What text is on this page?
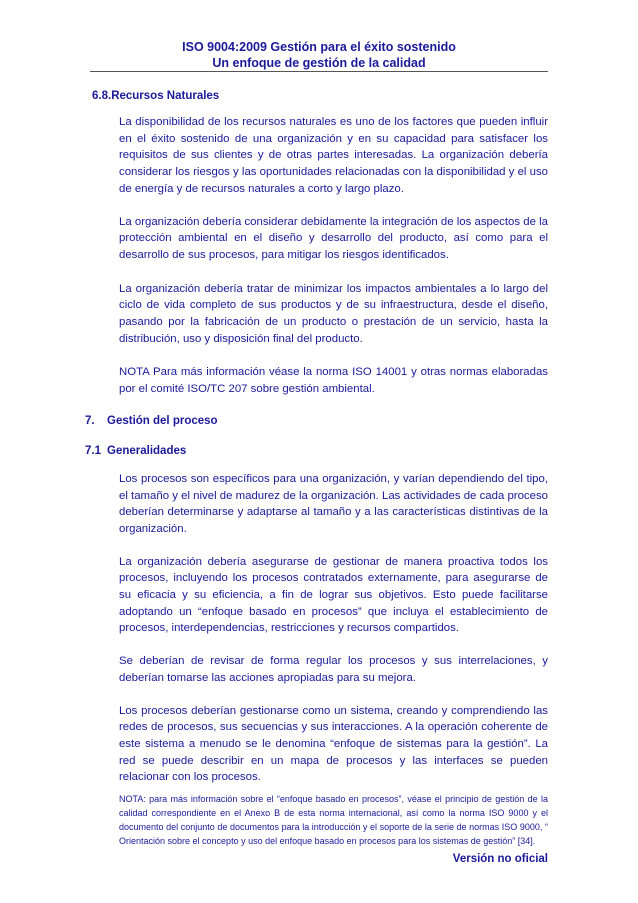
ISO 9004:2009 Gestión para el éxito sostenido
Un enfoque de gestión de la calidad
6.8.Recursos Naturales

La disponibilidad de los recursos naturales es uno de los factores que pueden influir en el éxito sostenido de una organización y en su capacidad para satisfacer los requisitos de sus clientes y de otras partes interesadas. La organización debería considerar los riesgos y las oportunidades relacionadas con la disponibilidad y el uso de energía y de recursos naturales a corto y largo plazo.

La organización debería considerar debidamente la integración de los aspectos de la protección ambiental en el diseño y desarrollo del producto, así como para el desarrollo de sus procesos, para mitigar los riesgos identificados.

La organización debería tratar de minimizar los impactos ambientales a lo largo del ciclo de vida completo de sus productos y de su infraestructura, desde el diseño, pasando por la fabricación de un producto o prestación de un servicio, hasta la distribución, uso y disposición final del producto.

NOTA Para más información véase la norma ISO 14001 y otras normas elaboradas por el comité ISO/TC 207 sobre gestión ambiental.

7. Gestión del proceso
7.1 Generalidades

Los procesos son específicos para una organización, y varían dependiendo del tipo, el tamaño y el nivel de madurez de la organización. Las actividades de cada proceso deberían determinarse y adaptarse al tamaño y a las características distintivas de la organización.

La organización debería asegurarse de gestionar de manera proactiva todos los procesos, incluyendo los procesos contratados externamente, para asegurarse de su eficacia y su eficiencia, a fin de lograr sus objetivos. Esto puede facilitarse adoptando un “enfoque basado en procesos” que incluya el establecimiento de procesos, interdependencias, restricciones y recursos compartidos.

Se deberían de revisar de forma regular los procesos y sus interrelaciones, y deberían tomarse las acciones apropiadas para su mejora.

Los procesos deberían gestionarse como un sistema, creando y comprendiendo las redes de procesos, sus secuencias y sus interacciones. A la operación coherente de este sistema a menudo se le denomina “enfoque de sistemas para la gestión”. La red se puede describir en un mapa de procesos y las interfaces se pueden relacionar con los procesos.

NOTA: para más información sobre el “enfoque basado en procesos”, véase el principio de gestión de la calidad correspondiente en el Anexo B de esta norma internacional, así como la norma ISO 9000 y el documento del conjunto de documentos para la introducción y el soporte de la serie de normas ISO 9000, “ Orientación sobre el concepto y uso del enfoque basado en procesos para los sistemas de gestión” [34].

Versión no oficial
